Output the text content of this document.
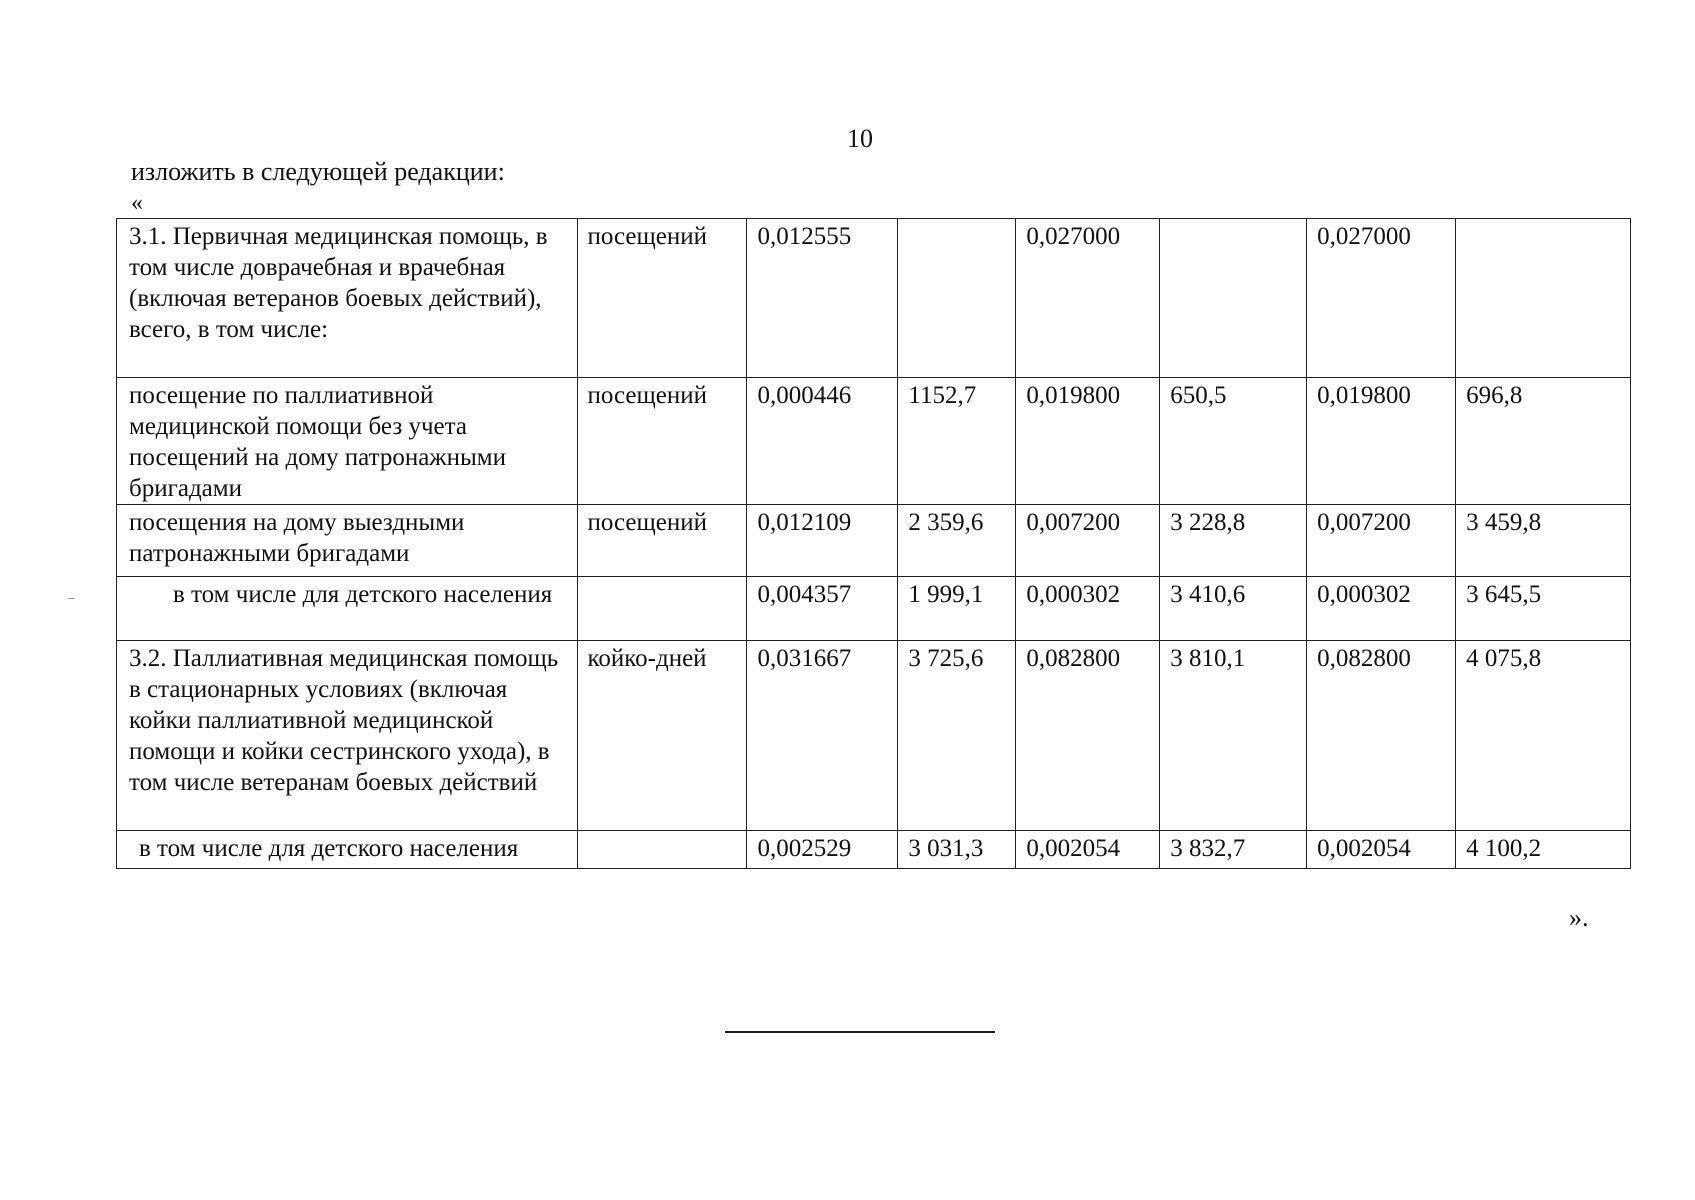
10
изложить в следующей редакции:
«
3.1. Первичная медицинская помощь, в том числе доврачебная и врачебная (включая ветеранов боевых действий), всего, в том числе:	посещений	0,012555		0,027000		0,027000	
посещение по паллиативной медицинской помощи без учета посещений на дому патронажными бригадами	посещений	0,000446	1152,7	0,019800	650,5	0,019800	696,8
посещения на дому выездными патронажными бригадами	посещений	0,012109	2 359,6	0,007200	3 228,8	0,007200	3 459,8
в том числе для детского населения		0,004357	1 999,1	0,000302	3 410,6	0,000302	3 645,5
3.2. Паллиативная медицинская помощь в стационарных условиях (включая койки паллиативной медицинской помощи и койки сестринского ухода), в том числе ветеранам боевых действий	койко-дней	0,031667	3 725,6	0,082800	3 810,1	0,082800	4 075,8
в том числе для детского населения		0,002529	3 031,3	0,002054	3 832,7	0,002054	4 100,2
».
